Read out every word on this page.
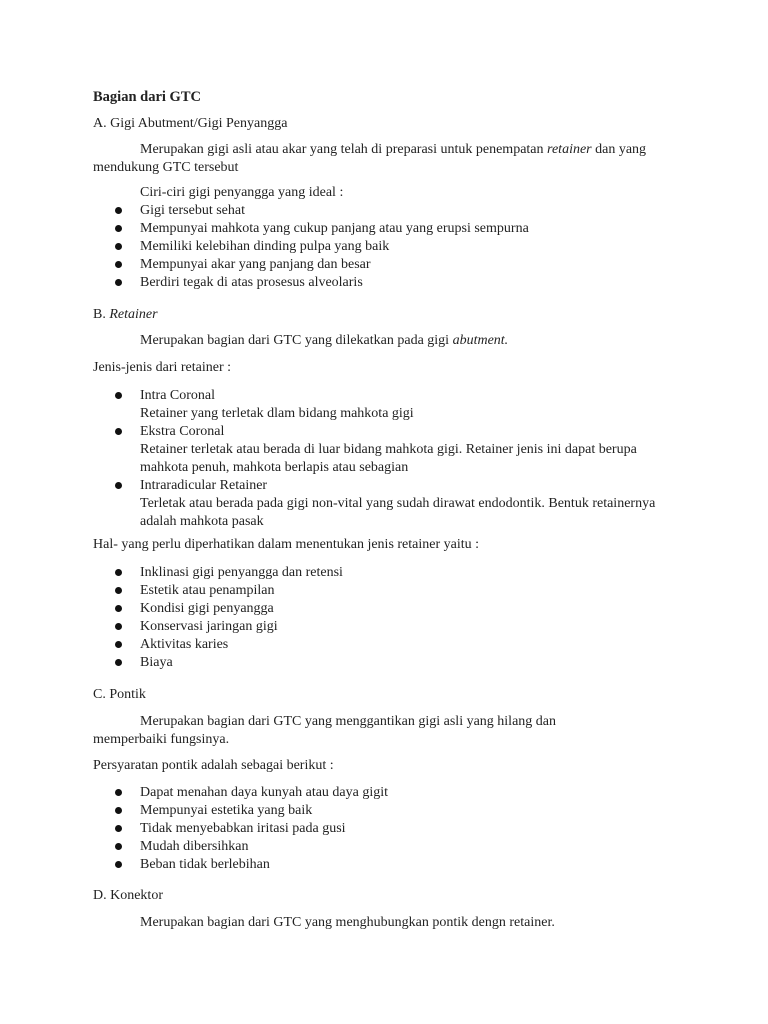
Bagian dari GTC
A. Gigi Abutment/Gigi Penyangga
Merupakan gigi asli atau akar yang telah di preparasi untuk penempatan retainer dan yang mendukung GTC tersebut
Ciri-ciri gigi penyangga yang ideal :
Gigi tersebut sehat
Mempunyai mahkota yang cukup panjang atau yang erupsi sempurna
Memiliki kelebihan dinding pulpa yang baik
Mempunyai akar yang panjang dan besar
Berdiri tegak di atas prosesus alveolaris
B. Retainer
Merupakan bagian dari GTC yang dilekatkan pada gigi abutment.
Jenis-jenis dari retainer :
Intra Coronal
Retainer yang terletak dlam bidang mahkota gigi
Ekstra Coronal
Retainer terletak atau berada di luar bidang mahkota gigi. Retainer jenis ini dapat berupa mahkota penuh, mahkota berlapis atau sebagian
Intraradicular Retainer
Terletak atau berada pada gigi non-vital yang sudah dirawat endodontik. Bentuk retainernya adalah mahkota pasak
Hal- yang perlu diperhatikan dalam menentukan jenis retainer yaitu :
Inklinasi gigi penyangga dan retensi
Estetik atau penampilan
Kondisi gigi penyangga
Konservasi jaringan gigi
Aktivitas karies
Biaya
C. Pontik
Merupakan bagian dari GTC yang menggantikan gigi asli yang hilang dan memperbaiki fungsinya.
Persyaratan pontik adalah sebagai berikut :
Dapat menahan daya kunyah atau daya gigit
Mempunyai estetika yang baik
Tidak menyebabkan iritasi pada gusi
Mudah dibersihkan
Beban tidak berlebihan
D. Konektor
Merupakan bagian dari GTC yang menghubungkan pontik dengn retainer.
